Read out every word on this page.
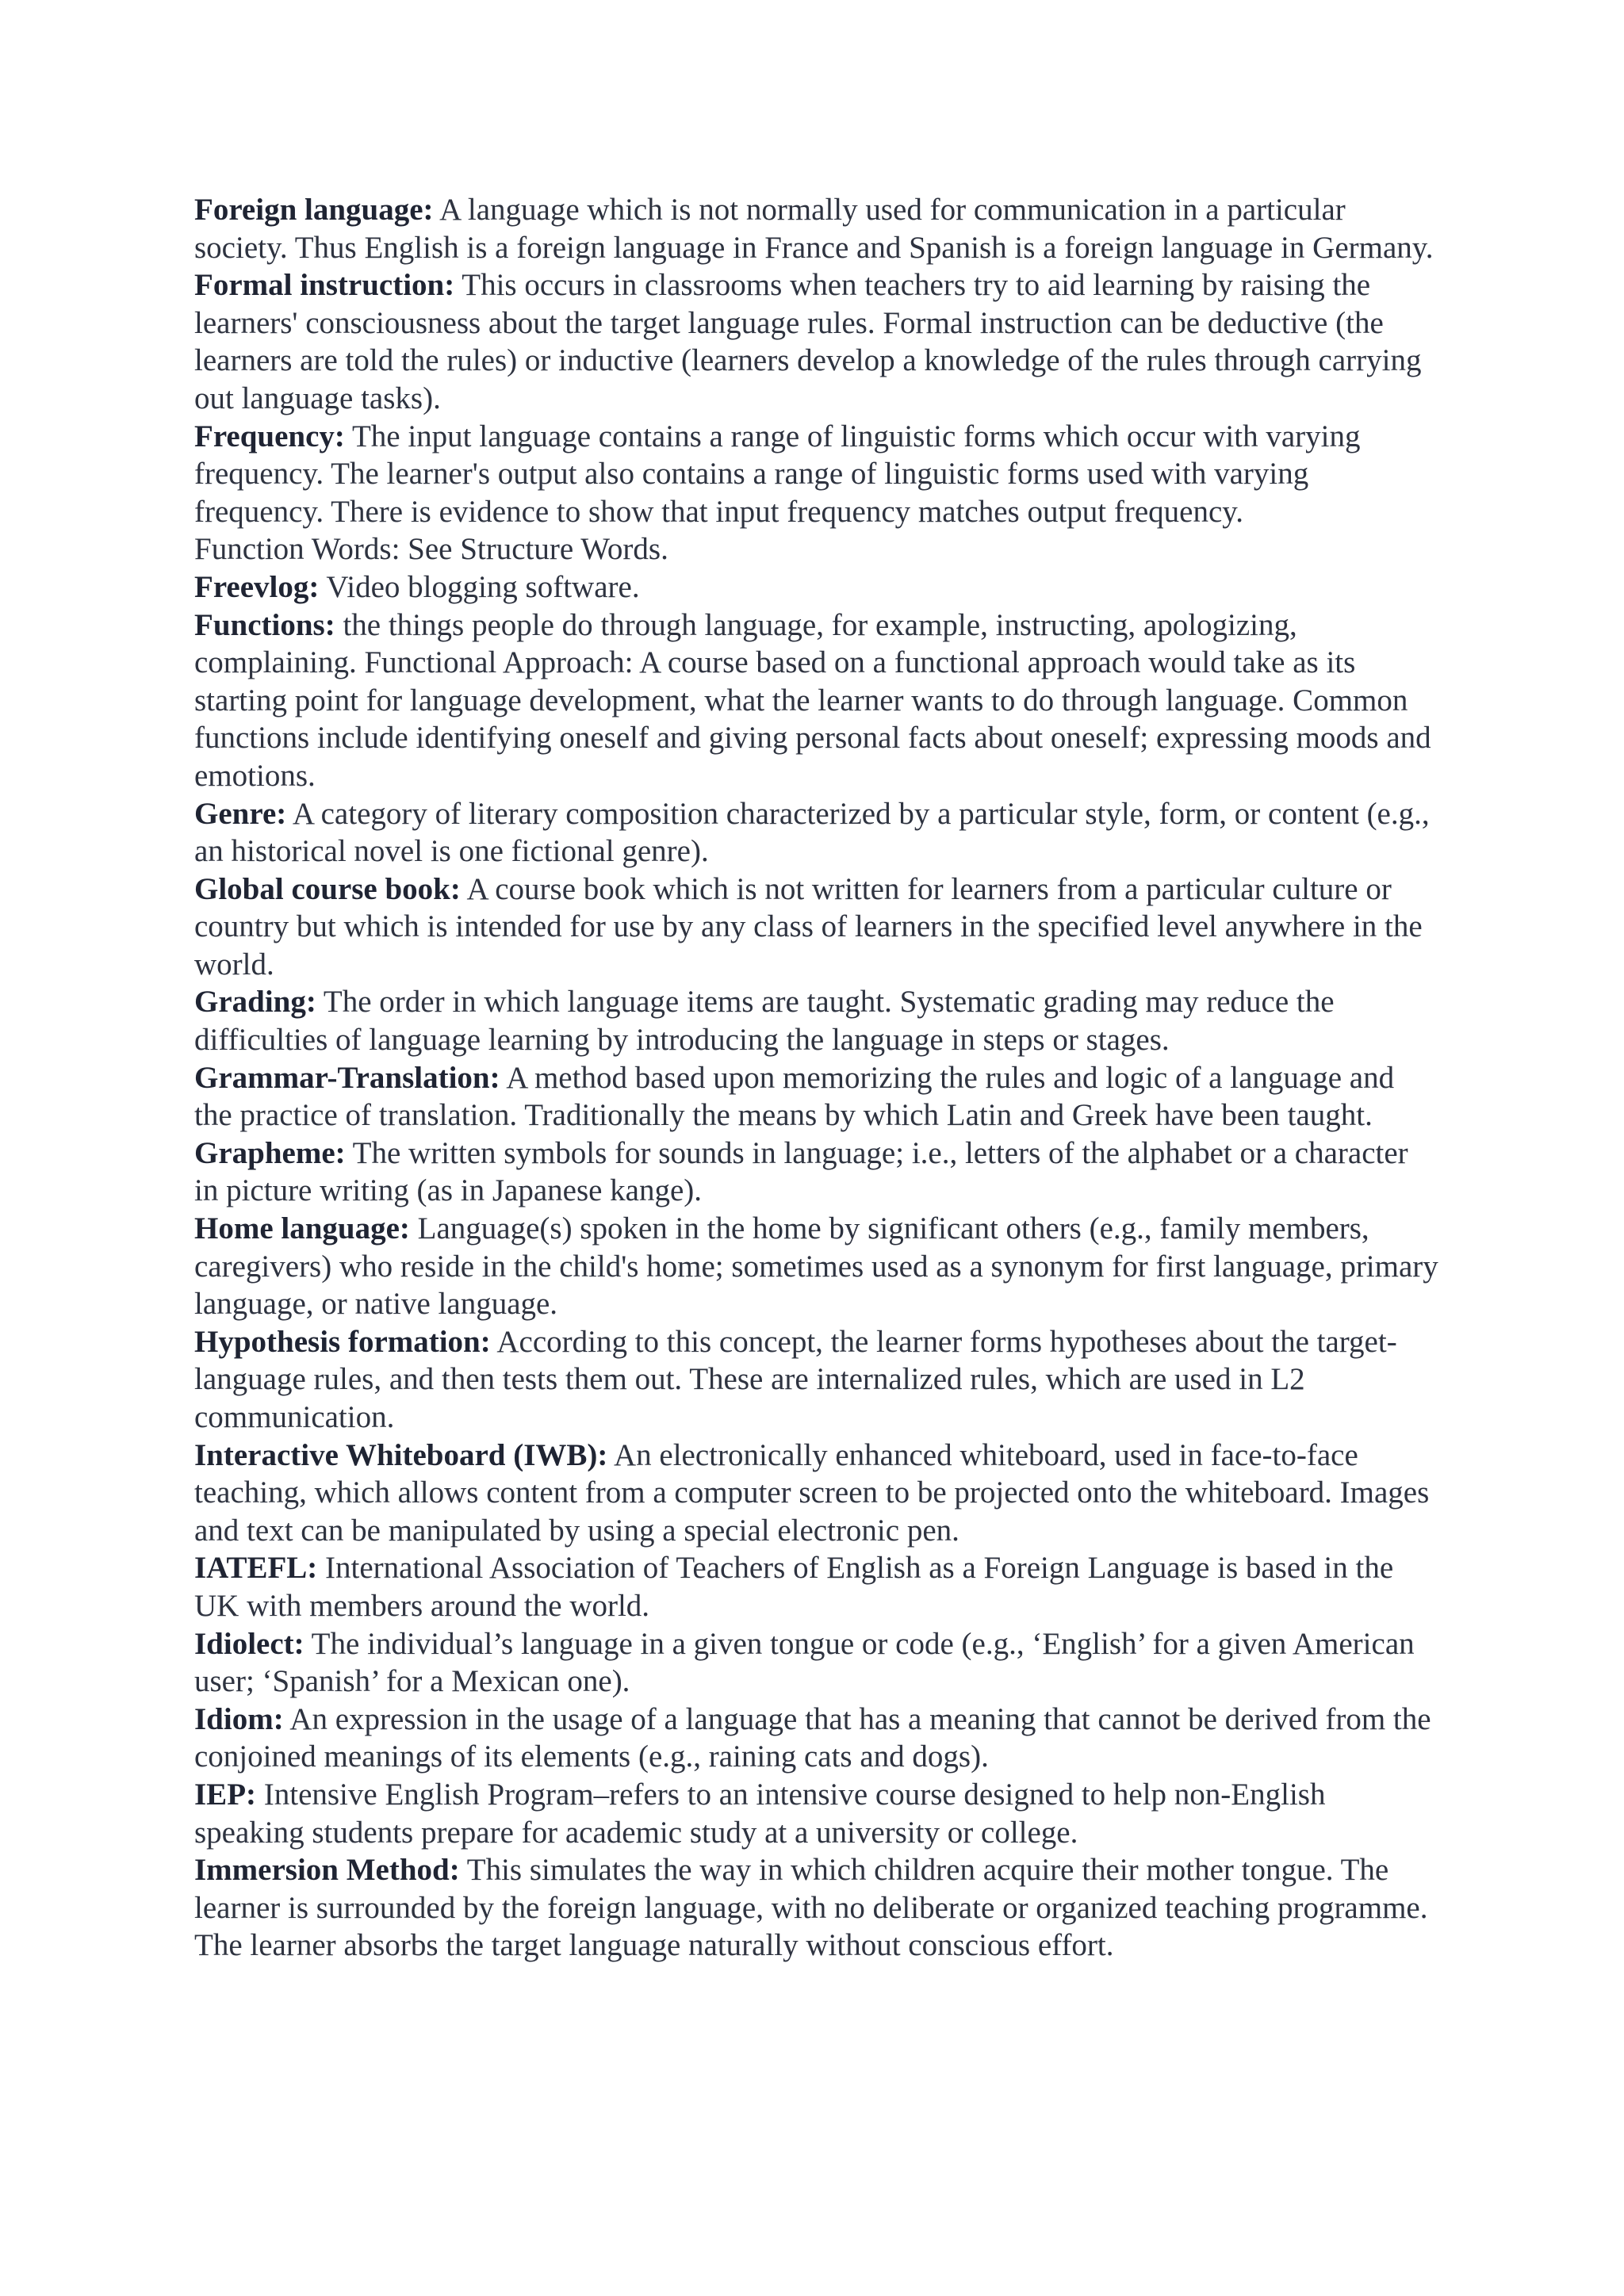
Foreign language: A language which is not normally used for communication in a particular society. Thus English is a foreign language in France and Spanish is a foreign language in Germany.

Formal instruction: This occurs in classrooms when teachers try to aid learning by raising the learners' consciousness about the target language rules. Formal instruction can be deductive (the learners are told the rules) or inductive (learners develop a knowledge of the rules through carrying out language tasks).

Frequency: The input language contains a range of linguistic forms which occur with varying frequency. The learner's output also contains a range of linguistic forms used with varying frequency. There is evidence to show that input frequency matches output frequency.

Function Words: See Structure Words.

Freevlog: Video blogging software.

Functions: the things people do through language, for example, instructing, apologizing, complaining. Functional Approach: A course based on a functional approach would take as its starting point for language development, what the learner wants to do through language. Common functions include identifying oneself and giving personal facts about oneself; expressing moods and emotions.

Genre: A category of literary composition characterized by a particular style, form, or content (e.g., an historical novel is one fictional genre).

Global course book: A course book which is not written for learners from a particular culture or country but which is intended for use by any class of learners in the specified level anywhere in the world.

Grading: The order in which language items are taught. Systematic grading may reduce the difficulties of language learning by introducing the language in steps or stages.

Grammar-Translation: A method based upon memorizing the rules and logic of a language and the practice of translation. Traditionally the means by which Latin and Greek have been taught.

Grapheme: The written symbols for sounds in language; i.e., letters of the alphabet or a character in picture writing (as in Japanese kange).

Home language: Language(s) spoken in the home by significant others (e.g., family members, caregivers) who reside in the child's home; sometimes used as a synonym for first language, primary language, or native language.

Hypothesis formation: According to this concept, the learner forms hypotheses about the target-language rules, and then tests them out. These are internalized rules, which are used in L2 communication.

Interactive Whiteboard (IWB): An electronically enhanced whiteboard, used in face-to-face teaching, which allows content from a computer screen to be projected onto the whiteboard. Images and text can be manipulated by using a special electronic pen.

IATEFL: International Association of Teachers of English as a Foreign Language is based in the UK with members around the world.

Idiolect: The individual’s language in a given tongue or code (e.g., ‘English’ for a given American user; ‘Spanish’ for a Mexican one).

Idiom: An expression in the usage of a language that has a meaning that cannot be derived from the conjoined meanings of its elements (e.g., raining cats and dogs).

IEP: Intensive English Program–refers to an intensive course designed to help non-English speaking students prepare for academic study at a university or college.

Immersion Method: This simulates the way in which children acquire their mother tongue. The learner is surrounded by the foreign language, with no deliberate or organized teaching programme. The learner absorbs the target language naturally without conscious effort.
